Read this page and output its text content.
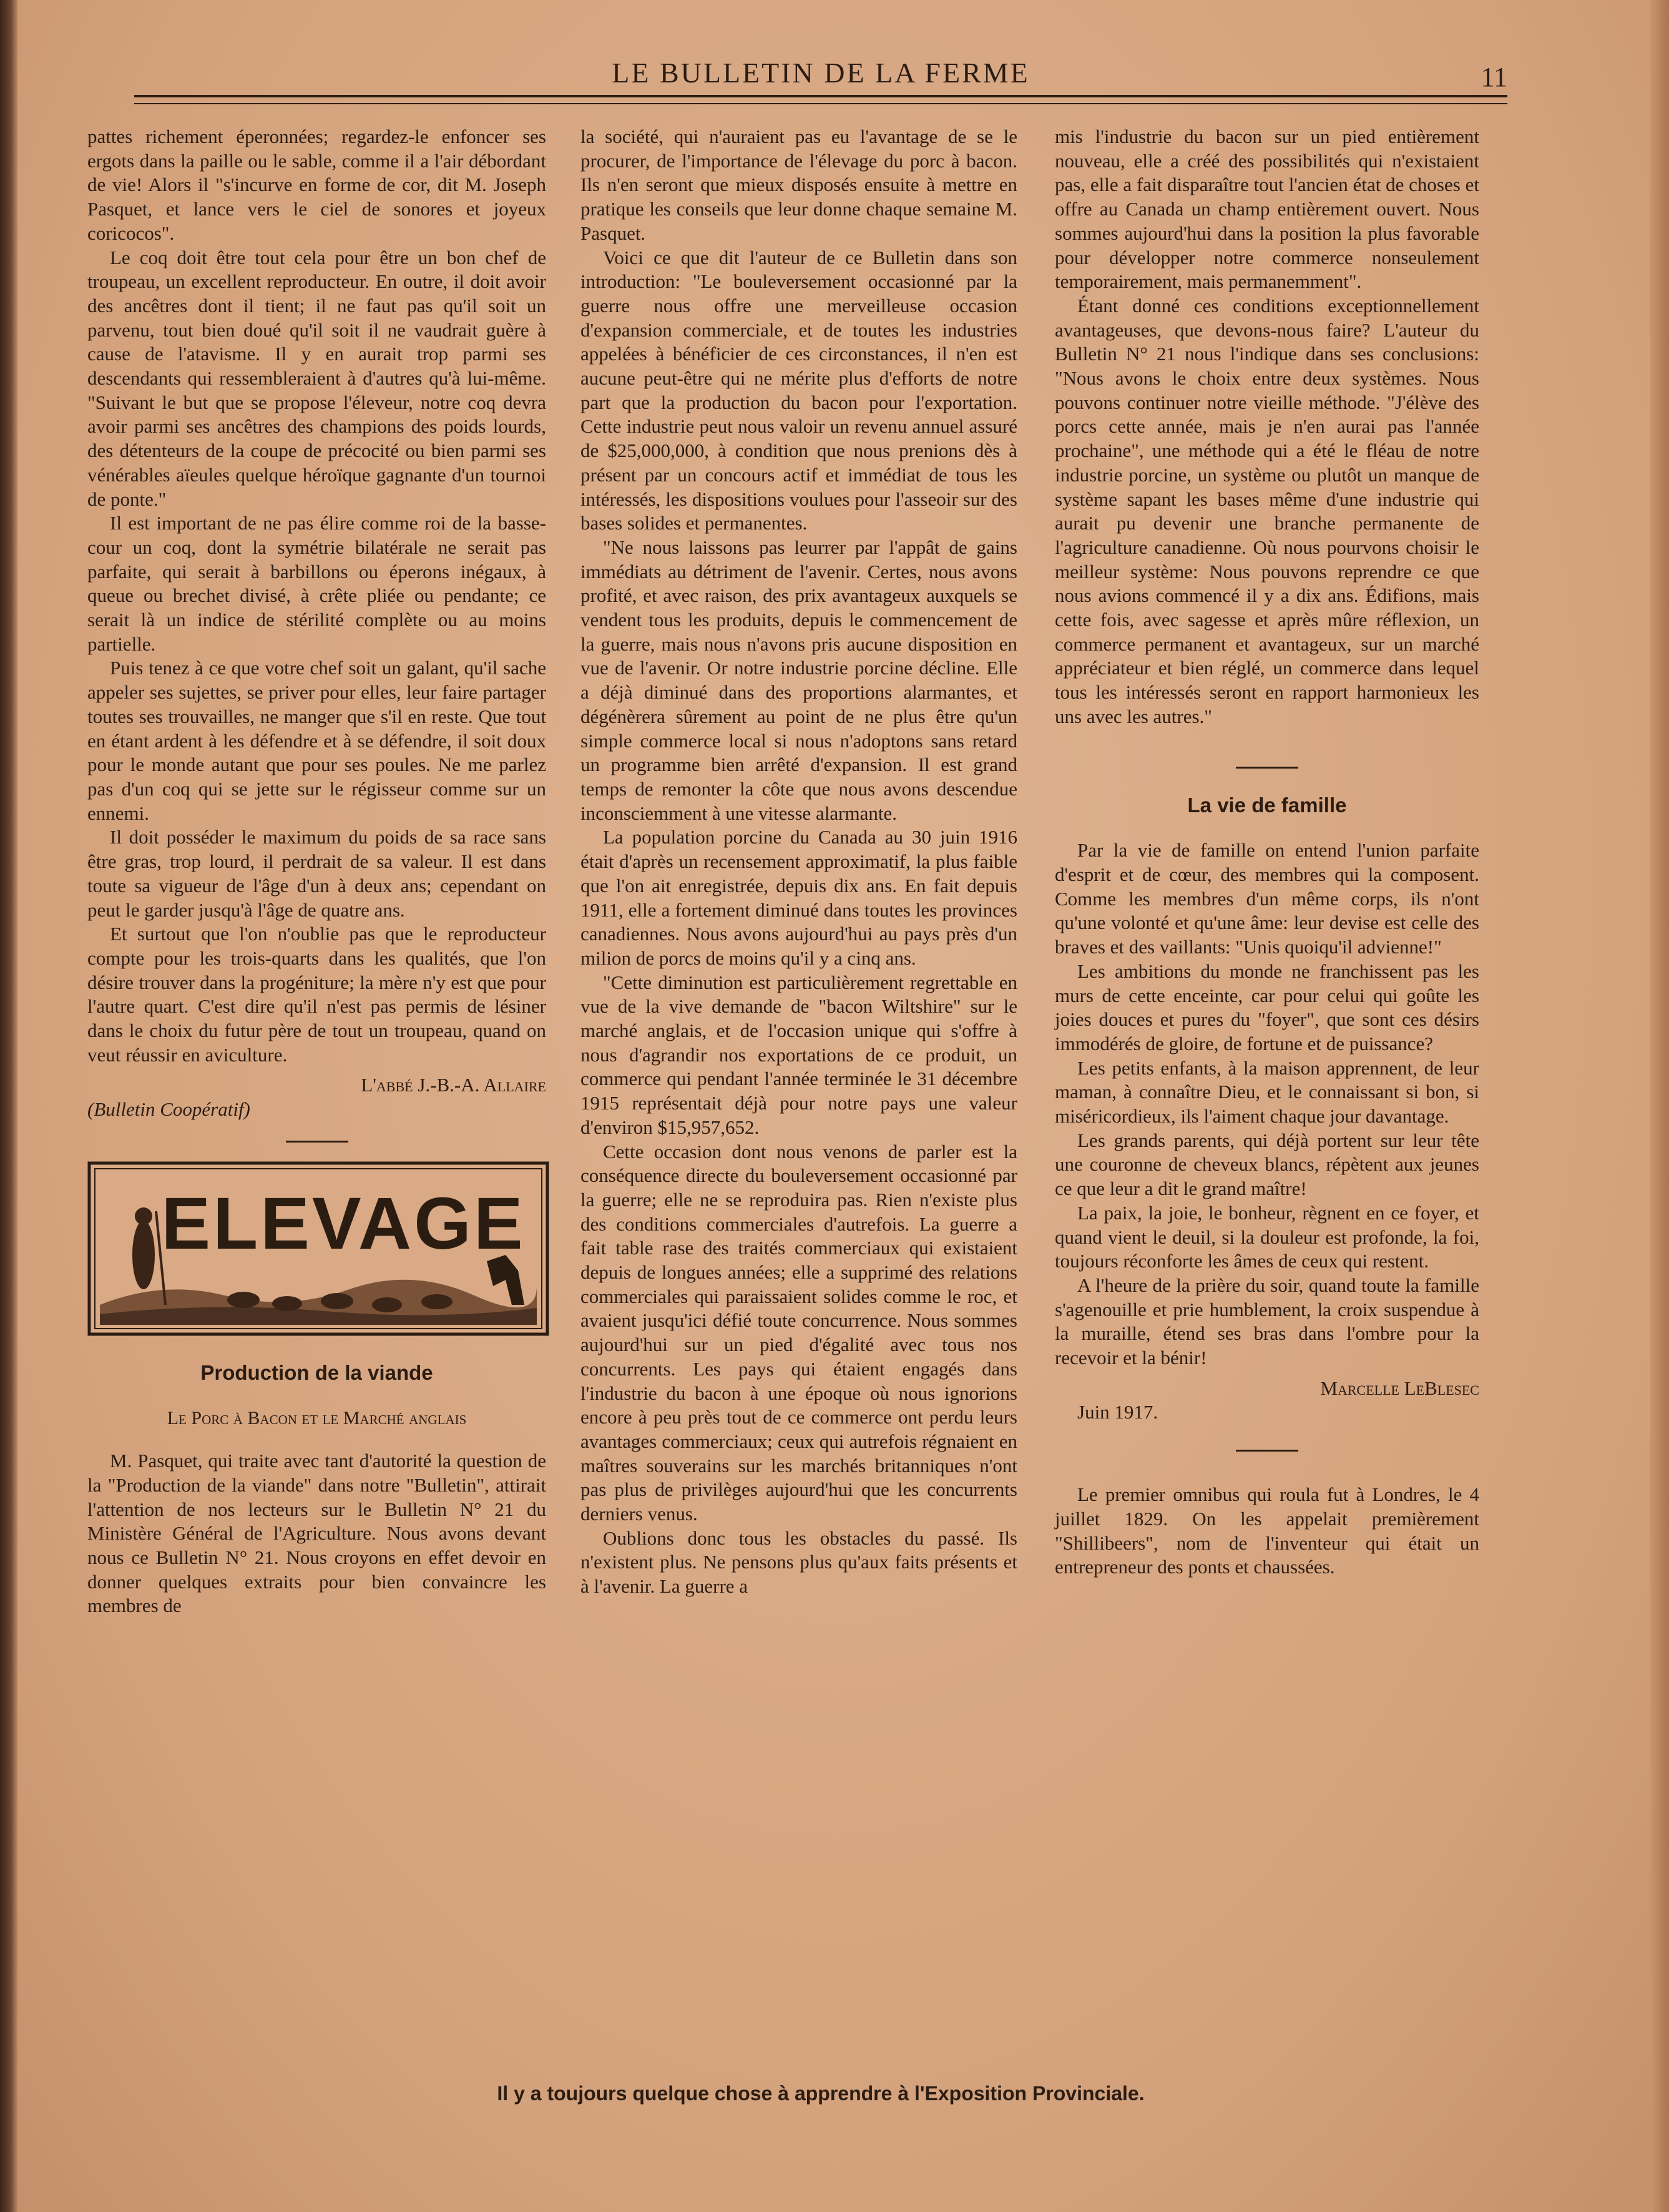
LE BULLETIN DE LA FERME	11

pattes richement éperonnées; regardez-le enfoncer ses ergots dans la paille ou le sable, comme il a l'air débordant de vie! Alors il "s'incurve en forme de cor, dit M. Joseph Pasquet, et lance vers le ciel de sonores et joyeux coricocos".

Le coq doit être tout cela pour être un bon chef de troupeau, un excellent reproducteur. En outre, il doit avoir des ancêtres dont il tient; il ne faut pas qu'il soit un parvenu, tout bien doué qu'il soit il ne vaudrait guère à cause de l'atavisme. Il y en aurait trop parmi ses descendants qui ressembleraient à d'autres qu'à lui-même. "Suivant le but que se propose l'éleveur, notre coq devra avoir parmi ses ancêtres des champions des poids lourds, des détenteurs de la coupe de précocité ou bien parmi ses vénérables aïeules quelque héroïque gagnante d'un tournoi de ponte."

Il est important de ne pas élire comme roi de la basse-cour un coq, dont la symétrie bilatérale ne serait pas parfaite, qui serait à barbillons ou éperons inégaux, à queue ou brechet divisé, à crête pliée ou pendante; ce serait là un indice de stérilité complète ou au moins partielle.

Puis tenez à ce que votre chef soit un galant, qu'il sache appeler ses sujettes, se priver pour elles, leur faire partager toutes ses trouvailles, ne manger que s'il en reste. Que tout en étant ardent à les défendre et à se défendre, il soit doux pour le monde autant que pour ses poules. Ne me parlez pas d'un coq qui se jette sur le régisseur comme sur un ennemi.

Il doit posséder le maximum du poids de sa race sans être gras, trop lourd, il perdrait de sa valeur. Il est dans toute sa vigueur de l'âge d'un à deux ans; cependant on peut le garder jusqu'à l'âge de quatre ans.

Et surtout que l'on n'oublie pas que le reproducteur compte pour les trois-quarts dans les qualités, que l'on désire trouver dans la progéniture; la mère n'y est que pour l'autre quart. C'est dire qu'il n'est pas permis de lésiner dans le choix du futur père de tout un troupeau, quand on veut réussir en aviculture.

L'abbé J.-B.-A. Allaire

(Bulletin Coopératif)

ELEVAGE

Production de la viande

Le Porc à Bacon et le Marché anglais

M. Pasquet, qui traite avec tant d'autorité la question de la "Production de la viande" dans notre "Bulletin", attirait l'attention de nos lecteurs sur le Bulletin N° 21 du Ministère Général de l'Agriculture. Nous avons devant nous ce Bulletin N° 21. Nous croyons en effet devoir en donner quelques extraits pour bien convaincre les membres de

la société, qui n'auraient pas eu l'avantage de se le procurer, de l'importance de l'élevage du porc à bacon. Ils n'en seront que mieux disposés ensuite à mettre en pratique les conseils que leur donne chaque semaine M. Pasquet.

Voici ce que dit l'auteur de ce Bulletin dans son introduction: "Le bouleversement occasionné par la guerre nous offre une merveilleuse occasion d'expansion commerciale, et de toutes les industries appelées à bénéficier de ces circonstances, il n'en est aucune peut-être qui ne mérite plus d'efforts de notre part que la production du bacon pour l'exportation. Cette industrie peut nous valoir un revenu annuel assuré de $25,000,000, à condition que nous prenions dès à présent par un concours actif et immédiat de tous les intéressés, les dispositions voulues pour l'asseoir sur des bases solides et permanentes.

"Ne nous laissons pas leurrer par l'appât de gains immédiats au détriment de l'avenir. Certes, nous avons profité, et avec raison, des prix avantageux auxquels se vendent tous les produits, depuis le commencement de la guerre, mais nous n'avons pris aucune disposition en vue de l'avenir. Or notre industrie porcine décline. Elle a déjà diminué dans des proportions alarmantes, et dégénèrera sûrement au point de ne plus être qu'un simple commerce local si nous n'adoptons sans retard un programme bien arrêté d'expansion. Il est grand temps de remonter la côte que nous avons descendue inconsciemment à une vitesse alarmante.

La population porcine du Canada au 30 juin 1916 était d'après un recensement approximatif, la plus faible que l'on ait enregistrée, depuis dix ans. En fait depuis 1911, elle a fortement diminué dans toutes les provinces canadiennes. Nous avons aujourd'hui au pays près d'un milion de porcs de moins qu'il y a cinq ans.

"Cette diminution est particulièrement regrettable en vue de la vive demande de "bacon Wiltshire" sur le marché anglais, et de l'occasion unique qui s'offre à nous d'agrandir nos exportations de ce produit, un commerce qui pendant l'année terminée le 31 décembre 1915 représentait déjà pour notre pays une valeur d'environ $15,957,652.

Cette occasion dont nous venons de parler est la conséquence directe du bouleversement occasionné par la guerre; elle ne se reproduira pas. Rien n'existe plus des conditions commerciales d'autrefois. La guerre a fait table rase des traités commerciaux qui existaient depuis de longues années; elle a supprimé des relations commerciales qui paraissaient solides comme le roc, et avaient jusqu'ici défié toute concurrence. Nous sommes aujourd'hui sur un pied d'égalité avec tous nos concurrents. Les pays qui étaient engagés dans l'industrie du bacon à une époque où nous ignorions encore à peu près tout de ce commerce ont perdu leurs avantages commerciaux; ceux qui autrefois régnaient en maîtres souverains sur les marchés britanniques n'ont pas plus de privilèges aujourd'hui que les concurrents derniers venus.

Oublions donc tous les obstacles du passé. Ils n'existent plus. Ne pensons plus qu'aux faits présents et à l'avenir. La guerre a

mis l'industrie du bacon sur un pied entièrement nouveau, elle a créé des possibilités qui n'existaient pas, elle a fait disparaître tout l'ancien état de choses et offre au Canada un champ entièrement ouvert. Nous sommes aujourd'hui dans la position la plus favorable pour développer notre commerce nonseulement temporairement, mais permanemment".

Étant donné ces conditions exceptionnellement avantageuses, que devons-nous faire? L'auteur du Bulletin N° 21 nous l'indique dans ses conclusions: "Nous avons le choix entre deux systèmes. Nous pouvons continuer notre vieille méthode. "J'élève des porcs cette année, mais je n'en aurai pas l'année prochaine", une méthode qui a été le fléau de notre industrie porcine, un système ou plutôt un manque de système sapant les bases même d'une industrie qui aurait pu devenir une branche permanente de l'agriculture canadienne. Où nous pourvons choisir le meilleur système: Nous pouvons reprendre ce que nous avions commencé il y a dix ans. Édifions, mais cette fois, avec sagesse et après mûre réflexion, un commerce permanent et avantageux, sur un marché appréciateur et bien réglé, un commerce dans lequel tous les intéressés seront en rapport harmonieux les uns avec les autres."

La vie de famille

Par la vie de famille on entend l'union parfaite d'esprit et de cœur, des membres qui la composent. Comme les membres d'un même corps, ils n'ont qu'une volonté et qu'une âme: leur devise est celle des braves et des vaillants: "Unis quoiqu'il advienne!"

Les ambitions du monde ne franchissent pas les murs de cette enceinte, car pour celui qui goûte les joies douces et pures du "foyer", que sont ces désirs immodérés de gloire, de fortune et de puissance?

Les petits enfants, à la maison apprennent, de leur maman, à connaître Dieu, et le connaissant si bon, si miséricordieux, ils l'aiment chaque jour davantage.

Les grands parents, qui déjà portent sur leur tête une couronne de cheveux blancs, répètent aux jeunes ce que leur a dit le grand maître!

La paix, la joie, le bonheur, règnent en ce foyer, et quand vient le deuil, si la douleur est profonde, la foi, toujours réconforte les âmes de ceux qui restent.

A l'heure de la prière du soir, quand toute la famille s'agenouille et prie humblement, la croix suspendue à la muraille, étend ses bras dans l'ombre pour la recevoir et la bénir!

Marcelle LeBlesec

Juin 1917.

Le premier omnibus qui roula fut à Londres, le 4 juillet 1829. On les appelait premièrement "Shillibeers", nom de l'inventeur qui était un entrepreneur des ponts et chaussées.

Il y a toujours quelque chose à apprendre à l'Exposition Provinciale.
